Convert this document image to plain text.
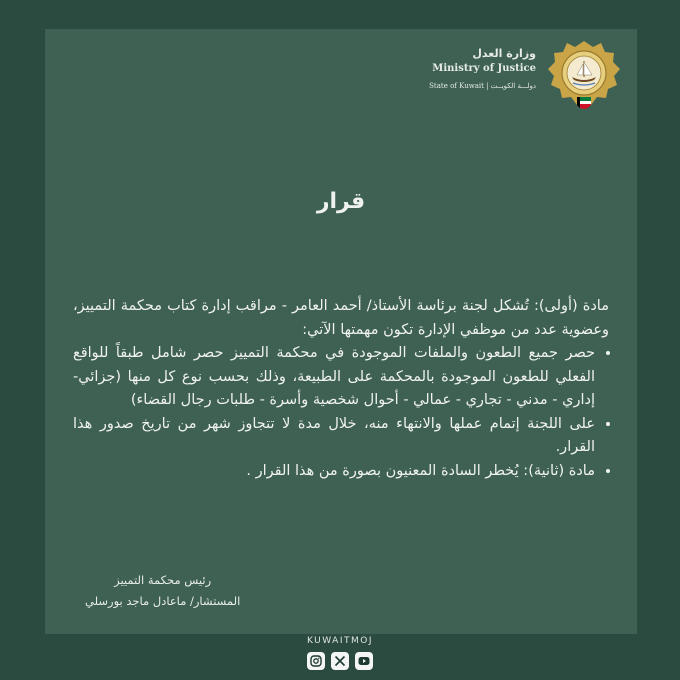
وزارة العدل
Ministry of Justice
State of Kuwait | دولـــة الكويــت
قرار

مادة (أولى): تُشكل لجنة برئاسة الأستاذ/ أحمد العامر - مراقب إدارة كتاب محكمة التمييز، وعضوية عدد من موظفي الإدارة تكون مهمتها الآتي:

• حصر جميع الطعون والملفات الموجودة في محكمة التمييز حصر شامل طبقاً للواقع الفعلي للطعون الموجودة بالمحكمة على الطبيعة، وذلك بحسب نوع كل منها (جزائي-إداري - مدني - تجاري - عمالي - أحوال شخصية وأسرة - طلبات رجال القضاء)
• على اللجنة إتمام عملها والانتهاء منه، خلال مدة لا تتجاوز شهر من تاريخ صدور هذا القرار.
• مادة (ثانية): يُخطر السادة المعنيون بصورة من هذا القرار .
رئيس محكمة التمييز
المستشار/ ماعادل ماجد بورسلي
KUWAITMOJ
